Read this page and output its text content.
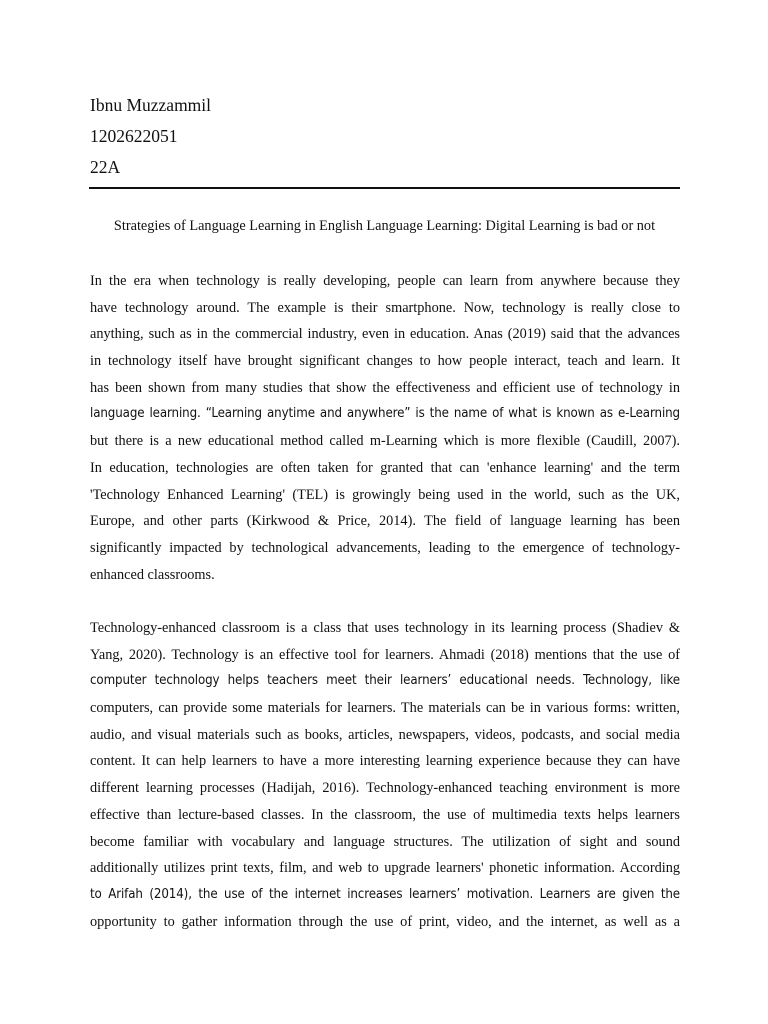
Ibnu Muzzammil
1202622051
22A
Strategies of Language Learning in English Language Learning: Digital Learning is bad or not
In the era when technology is really developing, people can learn from anywhere because they
have technology around. The example is their smartphone. Now, technology is really close to
anything, such as in the commercial industry, even in education. Anas (2019) said that the advances
in technology itself have brought significant changes to how people interact, teach and learn. It
has been shown from many studies that show the effectiveness and efficient use of technology in
language learning. “Learning anytime and anywhere” is the name of what is known as e-Learning
but there is a new educational method called m-Learning which is more flexible (Caudill, 2007).
In education, technologies are often taken for granted that can 'enhance learning' and the term
'Technology Enhanced Learning' (TEL) is growingly being used in the world, such as the UK,
Europe, and other parts (Kirkwood & Price, 2014). The field of language learning has been
significantly impacted by technological advancements, leading to the emergence of technology-
enhanced classrooms.
Technology-enhanced classroom is a class that uses technology in its learning process (Shadiev &
Yang, 2020). Technology is an effective tool for learners. Ahmadi (2018) mentions that the use of
computer technology helps teachers meet their learners’ educational needs. Technology, like
computers, can provide some materials for learners. The materials can be in various forms: written,
audio, and visual materials such as books, articles, newspapers, videos, podcasts, and social media
content. It can help learners to have a more interesting learning experience because they can have
different learning processes (Hadijah, 2016). Technology-enhanced teaching environment is more
effective than lecture-based classes. In the classroom, the use of multimedia texts helps learners
become familiar with vocabulary and language structures. The utilization of sight and sound
additionally utilizes print texts, film, and web to upgrade learners' phonetic information. According
to Arifah (2014), the use of the internet increases learners’ motivation. Learners are given the
opportunity to gather information through the use of print, video, and the internet, as well as a
